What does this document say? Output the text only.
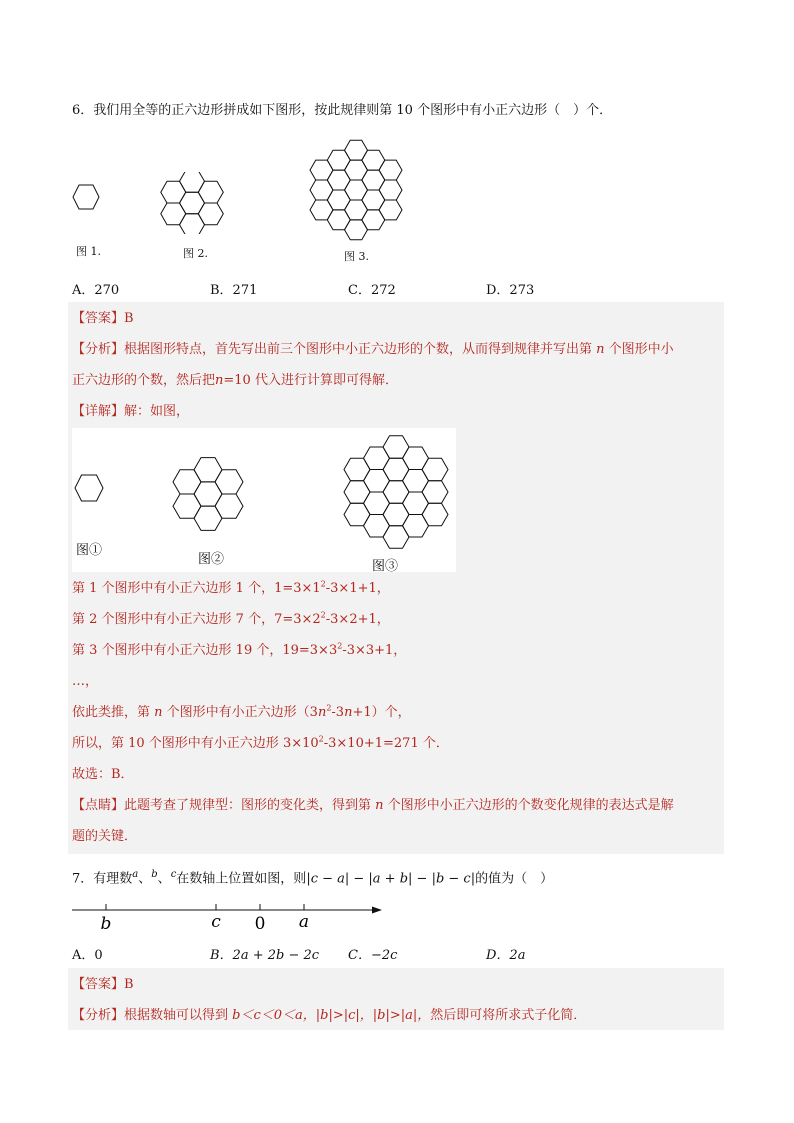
6．我们用全等的正六边形拼成如下图形，按此规律则第 10 个图形中有小正六边形（　）个．
图 1.	图 2.	图 3.
A．270	B．271	C．272	D．273
【答案】B
【分析】根据图形特点，首先写出前三个图形中小正六边形的个数，从而得到规律并写出第 n 个图形中小
正六边形的个数，然后把n=10 代入进行计算即可得解．
【详解】解：如图，
图①
图②	图③
第 1 个图形中有小正六边形 1 个，$1=3\times 1^2-3\times 1+1$，
第 2 个图形中有小正六边形 7 个，$7=3\times 2^2-3\times 2+1$，
第 3 个图形中有小正六边形 19 个，$19=3\times 3^2-3\times 3+1$，
…，
依此类推，第 n 个图形中有小正六边形$(3n^2-3n+1)$个，
所以，第 10 个图形中有小正六边形 $3\times 10^2-3\times 10+1=271$ 个．
故选：B．
【点睛】此题考查了规律型：图形的变化类，得到第 n 个图形中小正六边形的个数变化规律的表达式是解
题的关键．
7．有理数$^a$、$^b$、$^c$在数轴上位置如图，则|c − a| − |a + b| − |b − c|的值为（　）
b	c 0 a
A．0	B．2a + 2b − 2c C．−2c	D．2a
【答案】B
【分析】根据数轴可以得到 b＜c＜0＜a，|b|>|c|，|b|>|a|，然后即可将所求式子化简．
